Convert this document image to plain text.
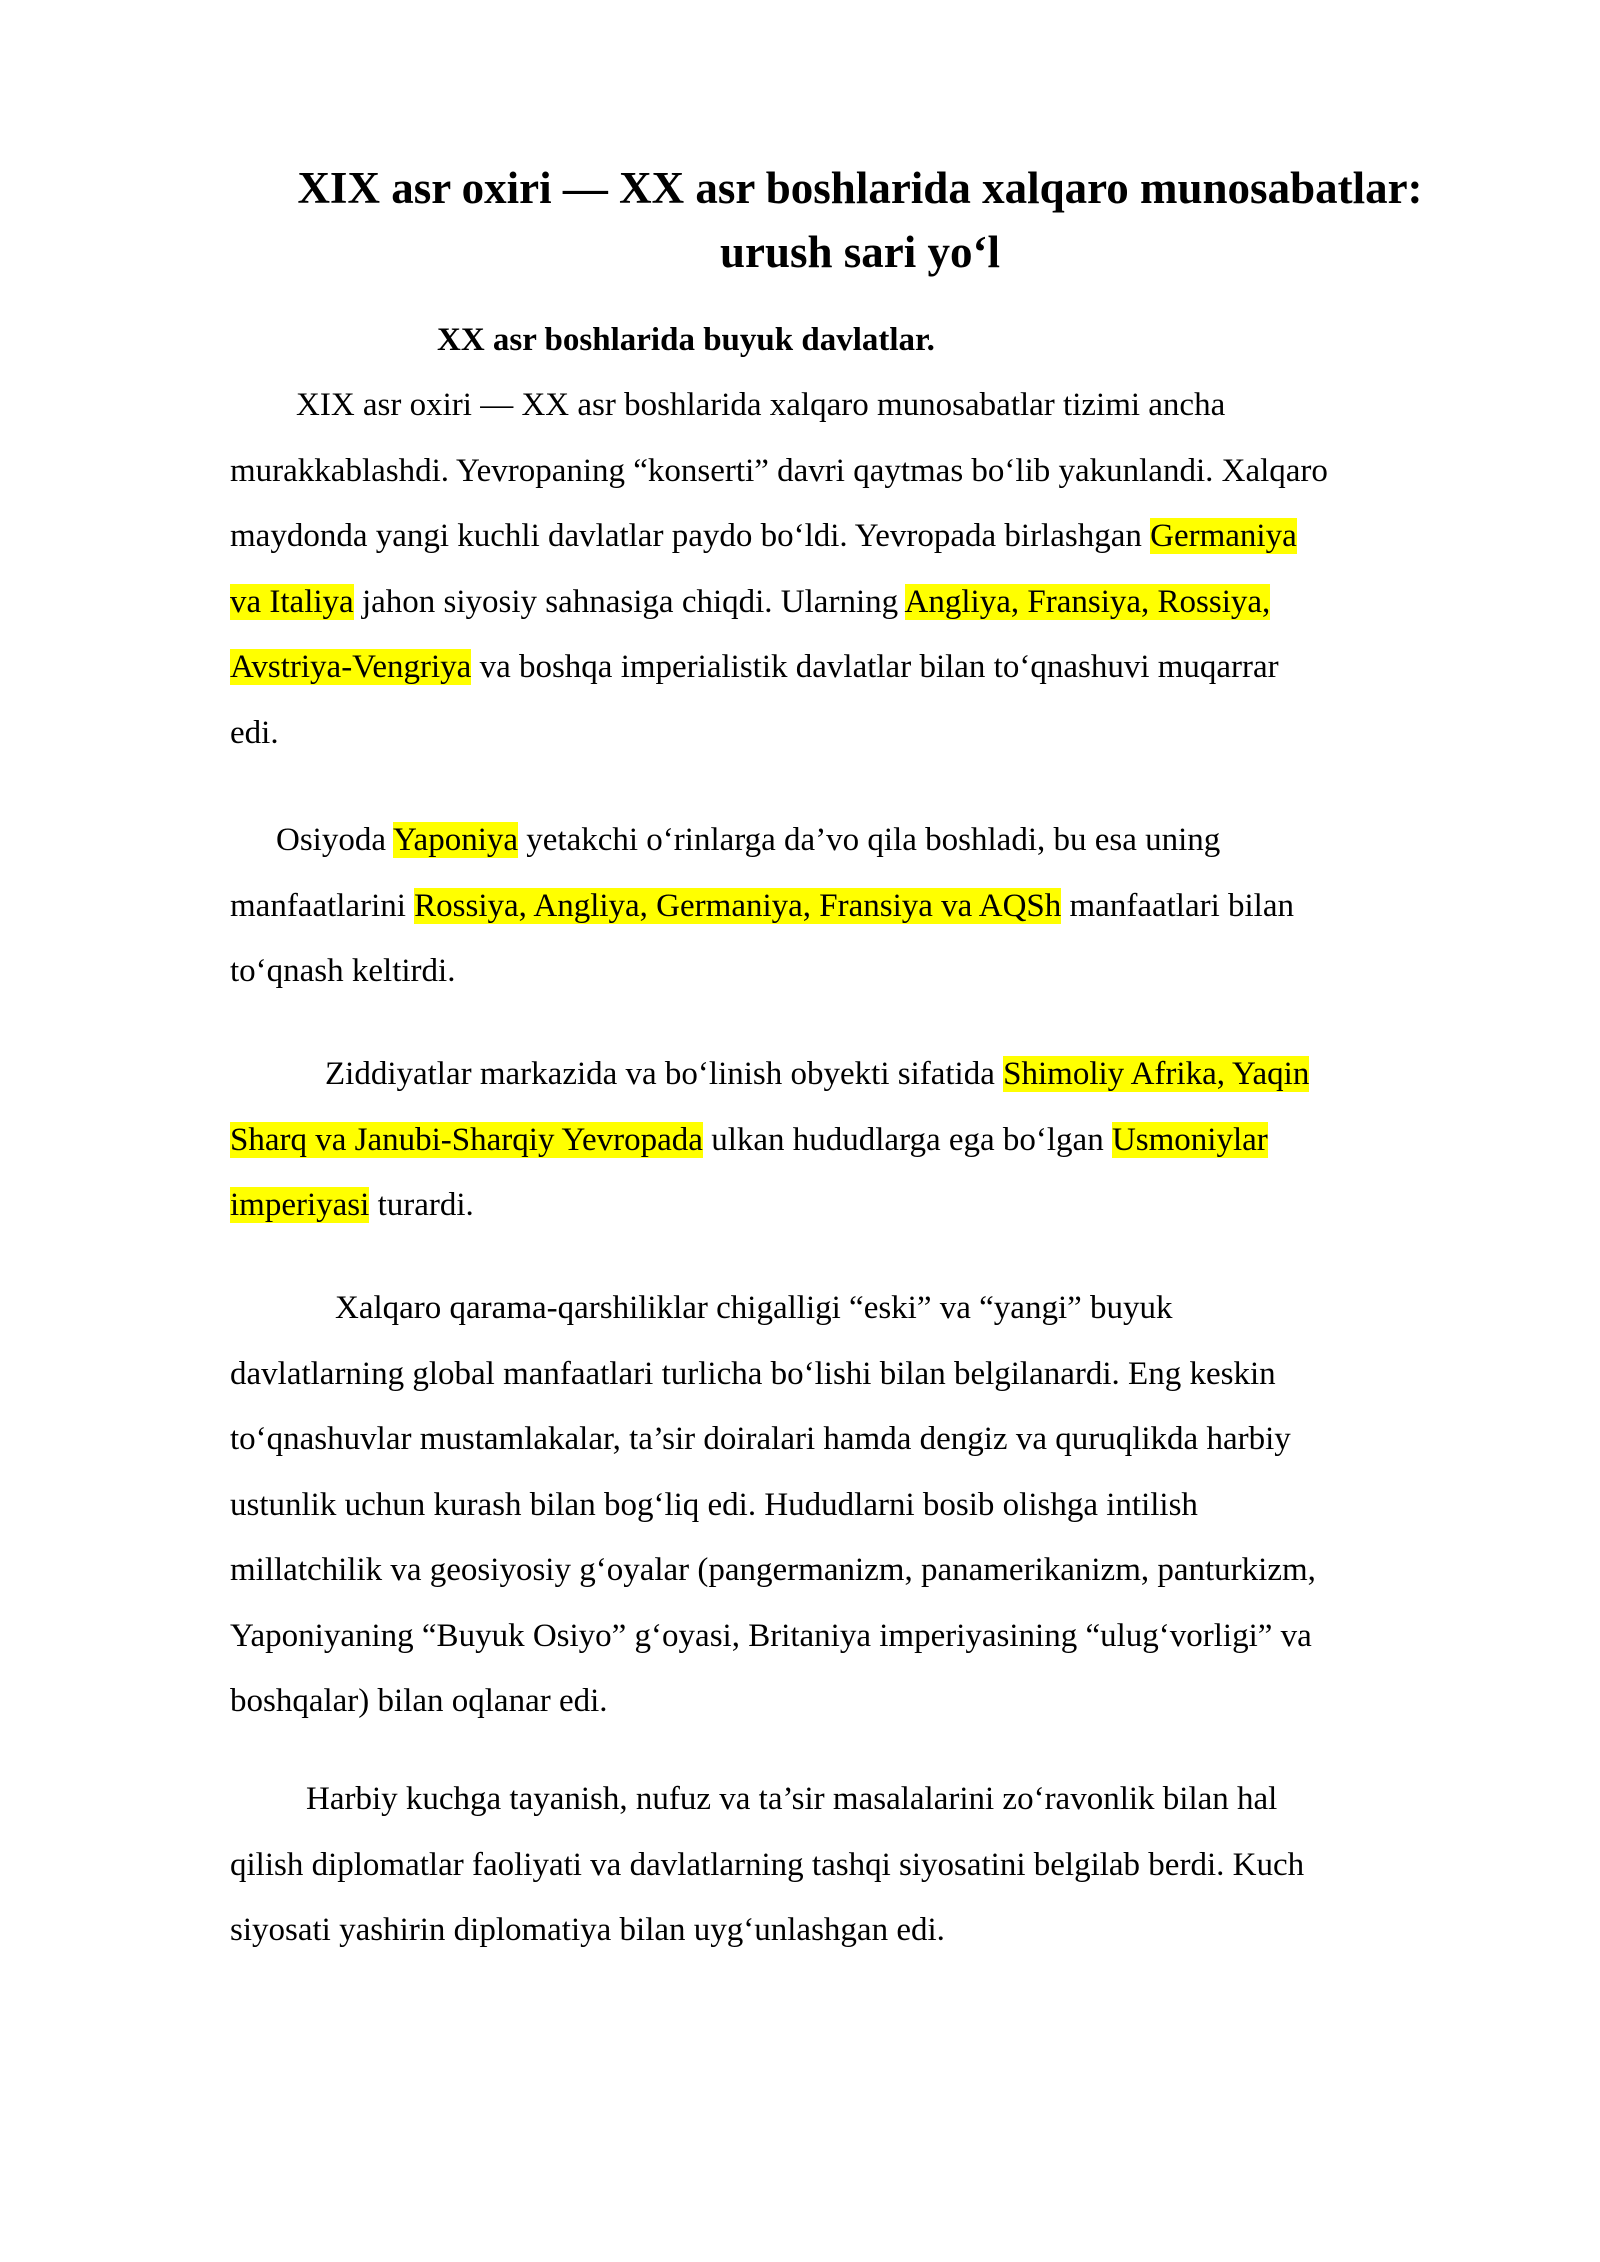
XIX asr oxiri — XX asr boshlarida xalqaro munosabatlar:
urush sari yo‘l
XX asr boshlarida buyuk davlatlar.

XIX asr oxiri — XX asr boshlarida xalqaro munosabatlar tizimi ancha
murakkablashdi. Yevropaning “konserti” davri qaytmas bo‘lib yakunlandi. Xalqaro
maydonda yangi kuchli davlatlar paydo bo‘ldi. Yevropada birlashgan Germaniya
va Italiya jahon siyosiy sahnasiga chiqdi. Ularning Angliya, Fransiya, Rossiya,
Avstriya-Vengriya va boshqa imperialistik davlatlar bilan to‘qnashuvi muqarrar
edi.

Osiyoda Yaponiya yetakchi o‘rinlarga da’vo qila boshladi, bu esa uning
manfaatlarini Rossiya, Angliya, Germaniya, Fransiya va AQSh manfaatlari bilan
to‘qnash keltirdi.

Ziddiyatlar markazida va bo‘linish obyekti sifatida Shimoliy Afrika, Yaqin
Sharq va Janubi-Sharqiy Yevropada ulkan hududlarga ega bo‘lgan Usmoniylar
imperiyasi turardi.

Xalqaro qarama-qarshiliklar chigalligi “eski” va “yangi” buyuk
davlatlarning global manfaatlari turlicha bo‘lishi bilan belgilanardi. Eng keskin
to‘qnashuvlar mustamlakalar, ta’sir doiralari hamda dengiz va quruqlikda harbiy
ustunlik uchun kurash bilan bog‘liq edi. Hududlarni bosib olishga intilish
millatchilik va geosiyosiy g‘oyalar (pangermanizm, panamerikanizm, panturkizm,
Yaponiyaning “Buyuk Osiyo” g‘oyasi, Britaniya imperiyasining “ulug‘vorligi” va
boshqalar) bilan oqlanar edi.

Harbiy kuchga tayanish, nufuz va ta’sir masalalarini zo‘ravonlik bilan hal
qilish diplomatlar faoliyati va davlatlarning tashqi siyosatini belgilab berdi. Kuch
siyosati yashirin diplomatiya bilan uyg‘unlashgan edi.
